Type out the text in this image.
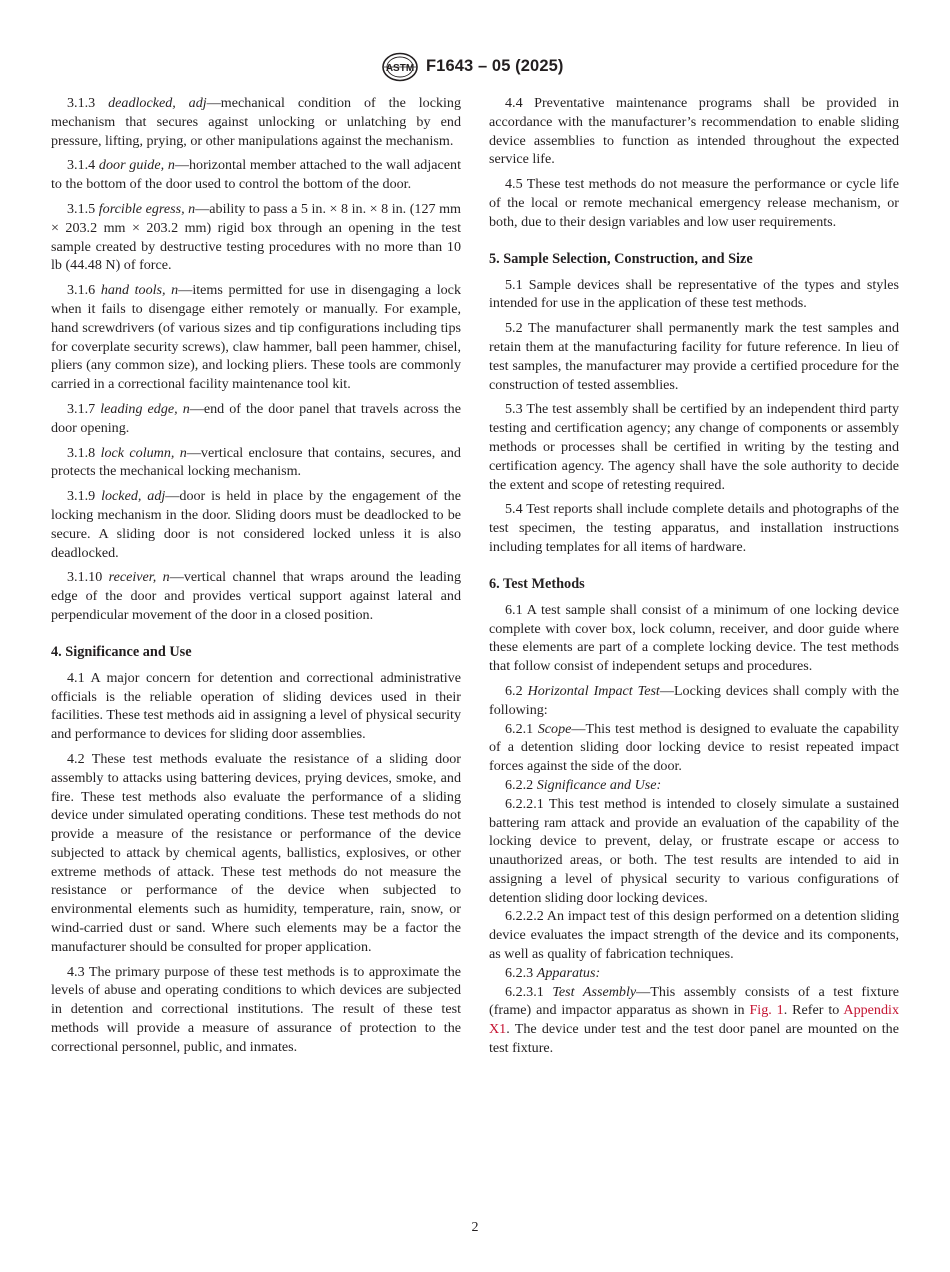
ASTM F1643 – 05 (2025)

3.1.3 deadlocked, adj—mechanical condition of the locking mechanism that secures against unlocking or unlatching by end pressure, lifting, prying, or other manipulations against the mechanism.

3.1.4 door guide, n—horizontal member attached to the wall adjacent to the bottom of the door used to control the bottom of the door.

3.1.5 forcible egress, n—ability to pass a 5 in. × 8 in. × 8 in. (127 mm × 203.2 mm × 203.2 mm) rigid box through an opening in the test sample created by destructive testing procedures with no more than 10 lb (44.48 N) of force.

3.1.6 hand tools, n—items permitted for use in disengaging a lock when it fails to disengage either remotely or manually. For example, hand screwdrivers (of various sizes and tip configurations including tips for coverplate security screws), claw hammer, ball peen hammer, chisel, pliers (any common size), and locking pliers. These tools are commonly carried in a correctional facility maintenance tool kit.

3.1.7 leading edge, n—end of the door panel that travels across the door opening.

3.1.8 lock column, n—vertical enclosure that contains, secures, and protects the mechanical locking mechanism.

3.1.9 locked, adj—door is held in place by the engagement of the locking mechanism in the door. Sliding doors must be deadlocked to be secure. A sliding door is not considered locked unless it is also deadlocked.

3.1.10 receiver, n—vertical channel that wraps around the leading edge of the door and provides vertical support against lateral and perpendicular movement of the door in a closed position.

4. Significance and Use

4.1 A major concern for detention and correctional administrative officials is the reliable operation of sliding devices used in their facilities. These test methods aid in assigning a level of physical security and performance to devices for sliding door assemblies.

4.2 These test methods evaluate the resistance of a sliding door assembly to attacks using battering devices, prying devices, smoke, and fire. These test methods also evaluate the performance of a sliding device under simulated operating conditions. These test methods do not provide a measure of the resistance or performance of the device subjected to attack by chemical agents, ballistics, explosives, or other extreme methods of attack. These test methods do not measure the resistance or performance of the device when subjected to environmental elements such as humidity, temperature, rain, snow, or wind-carried dust or sand. Where such elements may be a factor the manufacturer should be consulted for proper application.

4.3 The primary purpose of these test methods is to approximate the levels of abuse and operating conditions to which devices are subjected in detention and correctional institutions. The result of these test methods will provide a measure of assurance of protection to the correctional personnel, public, and inmates.

4.4 Preventative maintenance programs shall be provided in accordance with the manufacturer’s recommendation to enable sliding device assemblies to function as intended throughout the expected service life.

4.5 These test methods do not measure the performance or cycle life of the local or remote mechanical emergency release mechanism, or both, due to their design variables and low user requirements.

5. Sample Selection, Construction, and Size

5.1 Sample devices shall be representative of the types and styles intended for use in the application of these test methods.

5.2 The manufacturer shall permanently mark the test samples and retain them at the manufacturing facility for future reference. In lieu of test samples, the manufacturer may provide a certified procedure for the construction of tested assemblies.

5.3 The test assembly shall be certified by an independent third party testing and certification agency; any change of components or assembly methods or processes shall be certified in writing by the testing and certification agency. The agency shall have the sole authority to decide the extent and scope of retesting required.

5.4 Test reports shall include complete details and photographs of the test specimen, the testing apparatus, and installation instructions including templates for all items of hardware.

6. Test Methods

6.1 A test sample shall consist of a minimum of one locking device complete with cover box, lock column, receiver, and door guide where these elements are part of a complete locking device. The test methods that follow consist of independent setups and procedures.

6.2 Horizontal Impact Test—Locking devices shall comply with the following:

6.2.1 Scope—This test method is designed to evaluate the capability of a detention sliding door locking device to resist repeated impact forces against the side of the door.

6.2.2 Significance and Use:

6.2.2.1 This test method is intended to closely simulate a sustained battering ram attack and provide an evaluation of the capability of the locking device to prevent, delay, or frustrate escape or access to unauthorized areas, or both. The test results are intended to aid in assigning a level of physical security to various configurations of detention sliding door locking devices.

6.2.2.2 An impact test of this design performed on a detention sliding device evaluates the impact strength of the device and its components, as well as quality of fabrication techniques.

6.2.3 Apparatus:

6.2.3.1 Test Assembly—This assembly consists of a test fixture (frame) and impactor apparatus as shown in Fig. 1. Refer to Appendix X1. The device under test and the test door panel are mounted on the test fixture.

2
